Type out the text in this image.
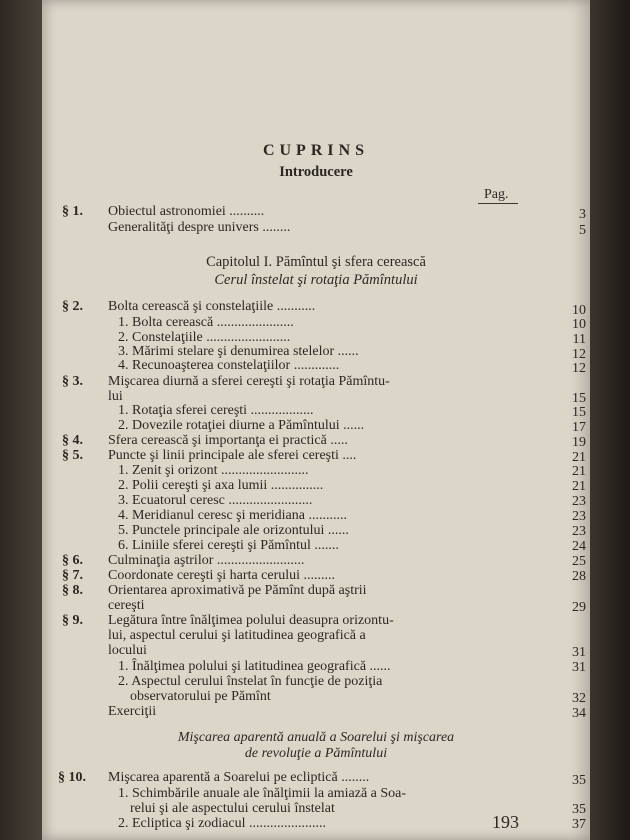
CUPRINS
Introducere
Pag.
§ 1. Obiectul astronomiei ..........	3
Generalităţi despre univers ........	5
Capitolul I. Pămîntul şi sfera cerească
Cerul înstelat şi rotaţia Pămîntului
§ 2. Bolta cerească şi constelaţiile ...........	10
1. Bolta cerească ......................	10
2. Constelaţiile ........................	11
3. Mărimi stelare şi denumirea stelelor ......	12
4. Recunoaşterea constelaţiilor .............	12
§ 3. Mişcarea diurnă a sferei cereşti şi rotaţia Pămîntu-
lui	15
1. Rotaţia sferei cereşti ..................	15
2. Dovezile rotaţiei diurne a Pămîntului ......	17
§ 4. Sfera cerească şi importanţa ei practică .....	19
§ 5. Puncte şi linii principale ale sferei cereşti ....	21
1. Zenit şi orizont .........................	21
2. Polii cereşti şi axa lumii ...............	21
3. Ecuatorul ceresc ........................	23
4. Meridianul ceresc şi meridiana ...........	23
5. Punctele principale ale orizontului ......	23
6. Liniile sferei cereşti şi Pămîntul .......	24
§ 6. Culminaţia aştrilor .........................	25
§ 7. Coordonate cereşti şi harta cerului .........	28
§ 8. Orientarea aproximativă pe Pămînt după aştrii
cereşti	29
§ 9. Legătura între înălţimea polului deasupra orizontu-
lui, aspectul cerului şi latitudinea geografică a
locului	31
1. Înălţimea polului şi latitudinea geografică ......	31
2. Aspectul cerului înstelat în funcţie de poziţia
observatorului pe Pămînt	32
Exerciţii	34
Mişcarea aparentă anuală a Soarelui şi mişcarea
de revoluţie a Pămîntului
§ 10. Mişcarea aparentă a Soarelui pe ecliptică ........	35
1. Schimbările anuale ale înălţimii la amiază a Soa-
relui şi ale aspectului cerului înstelat	35
2. Ecliptica şi zodiacul ......................	37
193
